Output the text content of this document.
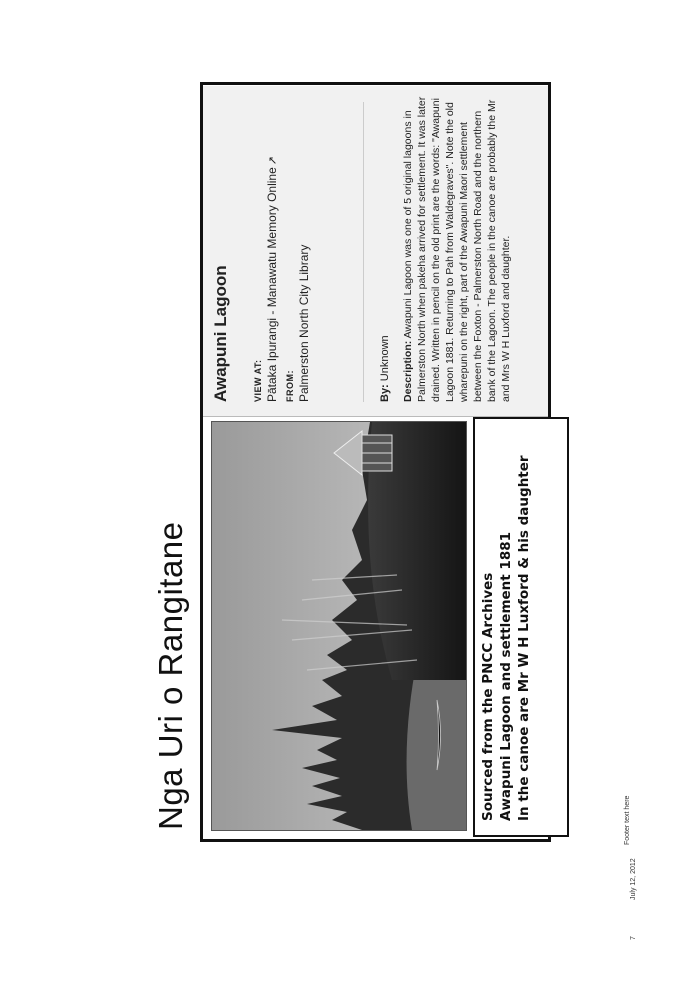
Nga Uri o Rangitane	Sourced from the PNCC Archives Awapuni Lagoon and settlement 1881 In the canoe are Mr W H Luxford & his daughter
Awapuni Lagoon	VIEW AT: Pātaka Ipurangi - Manawatu Memory Online↗
FROM: Palmerston North City Library	By: Unknown Description: Awapuni Lagoon was one of 5 original lagoons in Palmerston North when pakeha arrived for settlement. It was later drained. Written in pencil on the old print are the words: "Awapuni Lagoon 1881. Returning to Pah from Waldegraves". Note the old wharepuni on the right, part of the Awapuni Maori settlement between the Foxton - Palmerston North Road and the northern bank of the Lagoon. The people in the canoe are probably the Mr and Mrs W H Luxford and daughter.
7
July 12, 2012
Footer text here
